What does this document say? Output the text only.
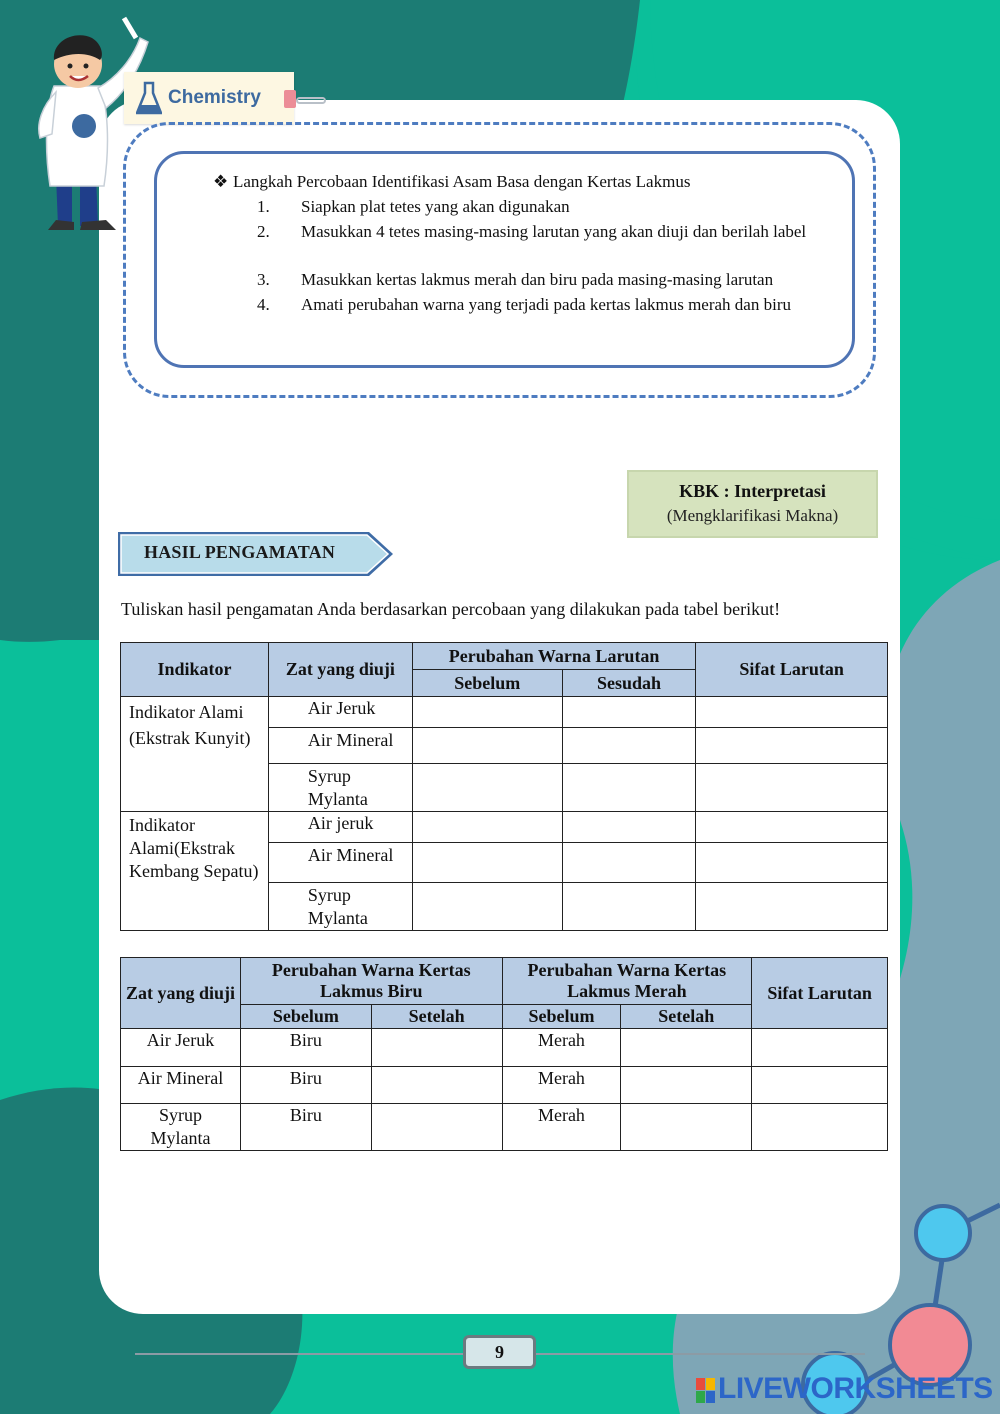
Chemistry
❖ Langkah Percobaan Identifikasi Asam Basa dengan Kertas Lakmus
1. Siapkan plat tetes yang akan digunakan
2. Masukkan 4 tetes masing-masing larutan yang akan diuji dan berilah label
3. Masukkan kertas lakmus merah dan biru pada masing-masing larutan
4. Amati perubahan warna yang terjadi pada kertas lakmus merah dan biru
KBK : Interpretasi
(Mengklarifikasi Makna)
HASIL PENGAMATAN
Tuliskan hasil pengamatan Anda berdasarkan percobaan yang dilakukan pada tabel berikut!
Indikator	Zat yang diuji	Perubahan Warna Larutan		Sifat Larutan
		Sebelum	Sesudah	
Indikator Alami (Ekstrak Kunyit)	Air Jeruk			
	Air Mineral			
	Syrup Mylanta			
Indikator Alami(Ekstrak Kembang Sepatu)	Air jeruk			
	Air Mineral			
	Syrup Mylanta			
Zat yang diuji	Perubahan Warna Kertas Lakmus Biru		Perubahan Warna Kertas Lakmus Merah		Sifat Larutan
	Sebelum	Setelah	Sebelum	Setelah	
Air Jeruk	Biru		Merah		
Air Mineral	Biru		Merah		
Syrup Mylanta	Biru		Merah		
9
LIVEWORKSHEETS
